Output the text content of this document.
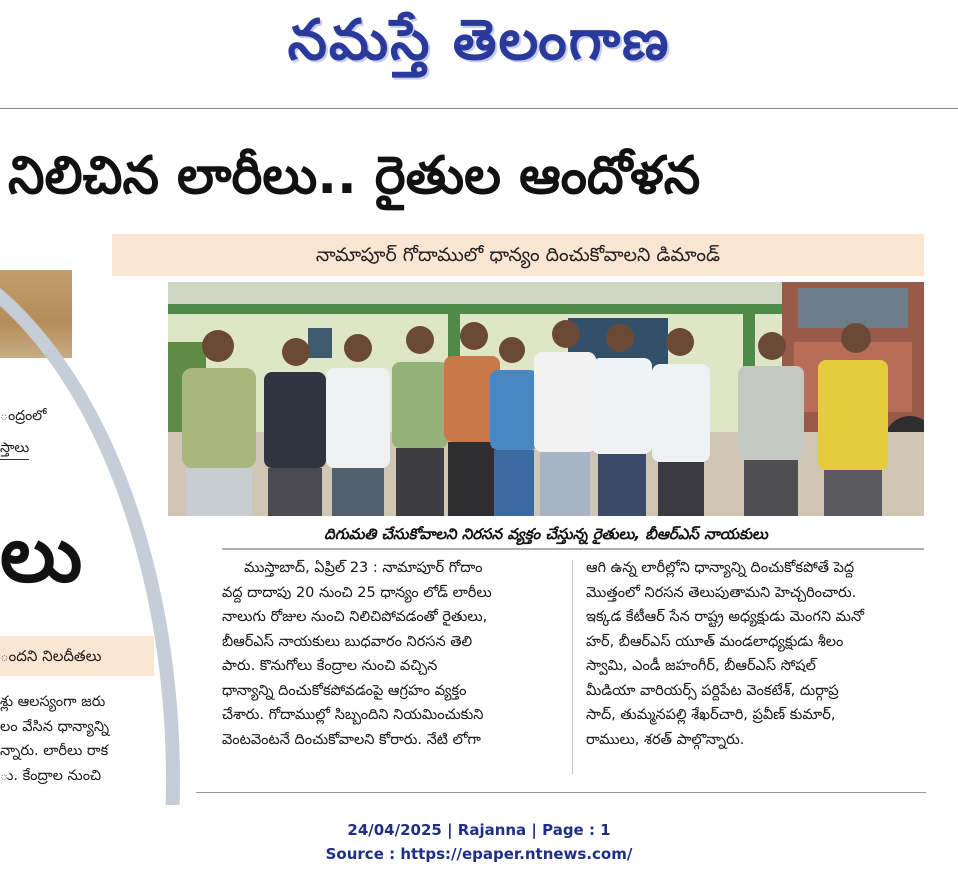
నమస్తే తెలంగాణ
ంద్రంలో
స్తాలు
లు
ందని నిలదీతలు

శ్లు ఆలస్యంగా జరు

లం వేసిన ధాన్యాన్ని

న్నారు. లారీలు రాక

ు. కేంద్రాల నుంచి

నిలిచిన లారీలు.. రైతుల ఆందోళన
నామాపూర్ గోదాములో ధాన్యం దించుకోవాలని డిమాండ్
దిగుమతి చేసుకోవాలని నిరసన వ్యక్తం చేస్తున్న రైతులు, బీఆర్ఎస్ నాయకులు

ముస్తాబాద్, ఏప్రిల్ 23 : నామాపూర్ గోదాం

వద్ద దాదాపు 20 నుంచి 25 ధాన్యం లోడ్ లారీలు

నాలుగు రోజుల నుంచి నిలిచిపోవడంతో రైతులు,

బీఆర్ఎస్ నాయకులు బుధవారం నిరసన తెలి

పారు. కొనుగోలు కేంద్రాల నుంచి వచ్చిన

ధాన్యాన్ని దించుకోకపోవడంపై ఆగ్రహం వ్యక్తం

చేశారు. గోదాముల్లో సిబ్బందిని నియమించుకుని

వెంటవెంటనే దించుకోవాలని కోరారు. నేటి లోగా

ఆగి ఉన్న లారీల్లోని ధాన్యాన్ని దించుకోకపోతే పెద్ద

మొత్తంలో నిరసన తెలుపుతామని హెచ్చరించారు.

ఇక్కడ కేటీఆర్ సేన రాష్ట్ర అధ్యక్షుడు మెంగని మనో

హర్, బీఆర్ఎస్ యూత్ మండలాధ్యక్షుడు శీలం

స్వామి, ఎండీ జహంగీర్, బీఆర్ఎస్ సోషల్

మీడియా వారియర్స్ పర్దిపేట వెంకటేశ్, దుర్గాప్ర

సాద్, తుమ్మనపల్లి శేఖర్‌చారి, ప్రవీణ్ కుమార్,

రాములు, శరత్ పాల్గొన్నారు.

24/04/2025 | Rajanna | Page : 1
Source : https://epaper.ntnews.com/
